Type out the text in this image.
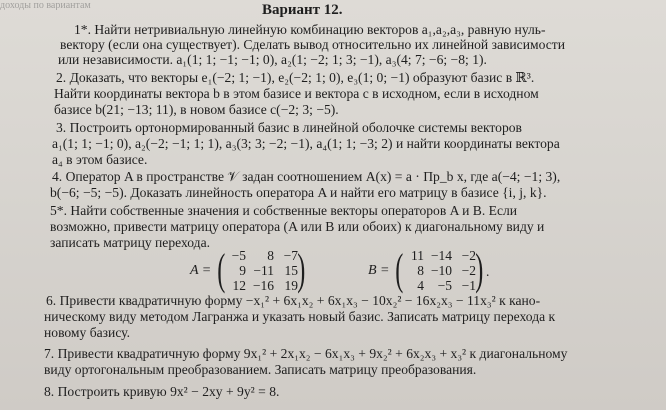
доходы по вариантам	Вариант 12.
1*. Найти нетривиальную линейную комбинацию векторов a₁,a₂,a₃, равную нуль-
вектору (если она существует). Сделать вывод относительно их линейной зависимости
или независимости. a₁(1; 1; −1; −1; 0), a₂(1; −2; 1; 3; −1), a₃(4; 7; −6; −8; 1).
2. Доказать, что векторы e₁(−2; 1; −1), e₂(−2; 1; 0), e₃(1; 0; −1) образуют базис в ℝ³.
Найти координаты вектора b в этом базисе и вектора c в исходном, если в исходном
базисе b(21; −13; 11), в новом базисе c(−2; 3; −5).
3. Построить ортонормированный базис в линейной оболочке системы векторов
a₁(1; 1; −1; 0), a₂(−2; −1; 1; 1), a₃(3; 3; −2; −1), a₄(1; 1; −3; 2) и найти координаты вектора
a₄ в этом базисе.
4. Оператор A в пространстве 𝒱 задан соотношением A(x) = a · Пр_b x, где a(−4; −1; 3),
b(−6; −5; −5). Доказать линейность оператора A и найти его матрицу в базисе {i, j, k}.
5*. Найти собственные значения и собственные векторы операторов A и B. Если
возможно, привести матрицу оператора (A или B или обоих) к диагональному виду и
записать матрицу перехода.
A = ( −5	8 −7
9 −11 15
12 −16 19 )	B = ( 11 −14 −2
8 −10 −2
4	−5 −1 ) .
6. Привести квадратичную форму −x₁² + 6x₁x₂ + 6x₁x₃ − 10x₂² − 16x₂x₃ − 11x₃² к кано-
ническому виду методом Лагранжа и указать новый базис. Записать матрицу перехода к
новому базису.
7. Привести квадратичную форму 9x₁² + 2x₁x₂ − 6x₁x₃ + 9x₂² + 6x₂x₃ + x₃² к диагональному
виду ортогональным преобразованием. Записать матрицу преобразования.
8. Построить кривую 9x² − 2xy + 9y² = 8.
